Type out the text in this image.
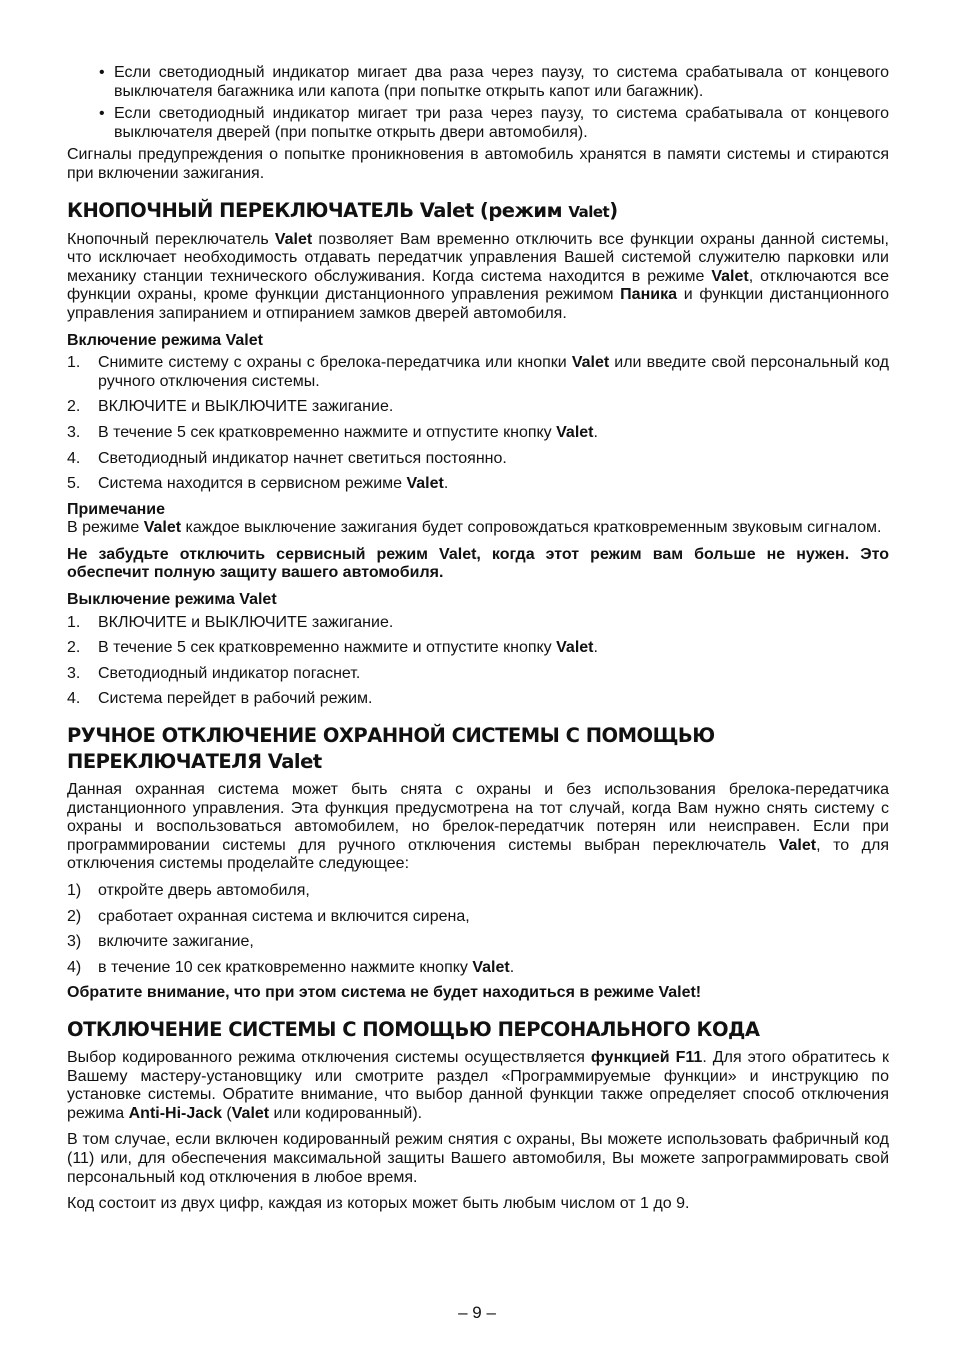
• Если светодиодный индикатор мигает два раза через паузу, то система срабатывала от концевого выключателя багажника или капота (при попытке открыть капот или багажник).
• Если светодиодный индикатор мигает три раза через паузу, то система срабатывала от концевого выключателя дверей (при попытке открыть двери автомобиля).

Сигналы предупреждения о попытке проникновения в автомобиль хранятся в памяти системы и стираются при включении зажигания.

КНОПОЧНЫЙ ПЕРЕКЛЮЧАТЕЛЬ Valet (режим Valet)

Кнопочный переключатель Valet позволяет Вам временно отключить все функции охраны данной системы, что исключает необходимость отдавать передатчик управления Вашей системой служителю парковки или механику станции технического обслуживания. Когда система находится в режиме Valet, отключаются все функции охраны, кроме функции дистанционного управления режимом Паника и функции дистанционного управления запиранием и отпиранием замков дверей автомобиля.

Включение режима Valet
1. Снимите систему с охраны с брелока-передатчика или кнопки Valet или введите свой персональный код ручного отключения системы.
2. ВКЛЮЧИТЕ и ВЫКЛЮЧИТЕ зажигание.
3. В течение 5 сек кратковременно нажмите и отпустите кнопку Valet.
4. Светодиодный индикатор начнет светиться постоянно.
5. Система находится в сервисном режиме Valet.
Примечание

В режиме Valet каждое выключение зажигания будет сопровождаться кратковременным звуковым сигналом.

Не забудьте отключить сервисный режим Valet, когда этот режим вам больше не нужен. Это обеспечит полную защиту вашего автомобиля.

Выключение режима Valet
1. ВКЛЮЧИТЕ и ВЫКЛЮЧИТЕ зажигание.
2. В течение 5 сек кратковременно нажмите и отпустите кнопку Valet.
3. Светодиодный индикатор погаснет.
4. Система перейдет в рабочий режим.
РУЧНОЕ ОТКЛЮЧЕНИЕ ОХРАННОЙ СИСТЕМЫ С ПОМОЩЬЮ ПЕРЕКЛЮЧАТЕЛЯ Valet

Данная охранная система может быть снята с охраны и без использования брелока-передатчика дистанционного управления. Эта функция предусмотрена на тот случай, когда Вам нужно снять систему с охраны и воспользоваться автомобилем, но брелок-передатчик потерян или неисправен. Если при программировании системы для ручного отключения системы выбран переключатель Valet, то для отключения системы проделайте следующее:

1) откройте дверь автомобиля,
2) сработает охранная система и включится сирена,
3) включите зажигание,
4) в течение 10 сек кратковременно нажмите кнопку Valet.

Обратите внимание, что при этом система не будет находиться в режиме Valet!

ОТКЛЮЧЕНИЕ СИСТЕМЫ С ПОМОЩЬЮ ПЕРСОНАЛЬНОГО КОДА

Выбор кодированного режима отключения системы осуществляется функцией F11. Для этого обратитесь к Вашему мастеру-установщику или смотрите раздел «Программируемые функции» и инструкцию по установке системы. Обратите внимание, что выбор данной функции также определяет способ отключения режима Anti-Hi-Jack (Valet или кодированный).

В том случае, если включен кодированный режим снятия с охраны, Вы можете использовать фабричный код (11) или, для обеспечения максимальной защиты Вашего автомобиля, Вы можете запрограммировать свой персональный код отключения в любое время.

Код состоит из двух цифр, каждая из которых может быть любым числом от 1 до 9.

– 9 –
